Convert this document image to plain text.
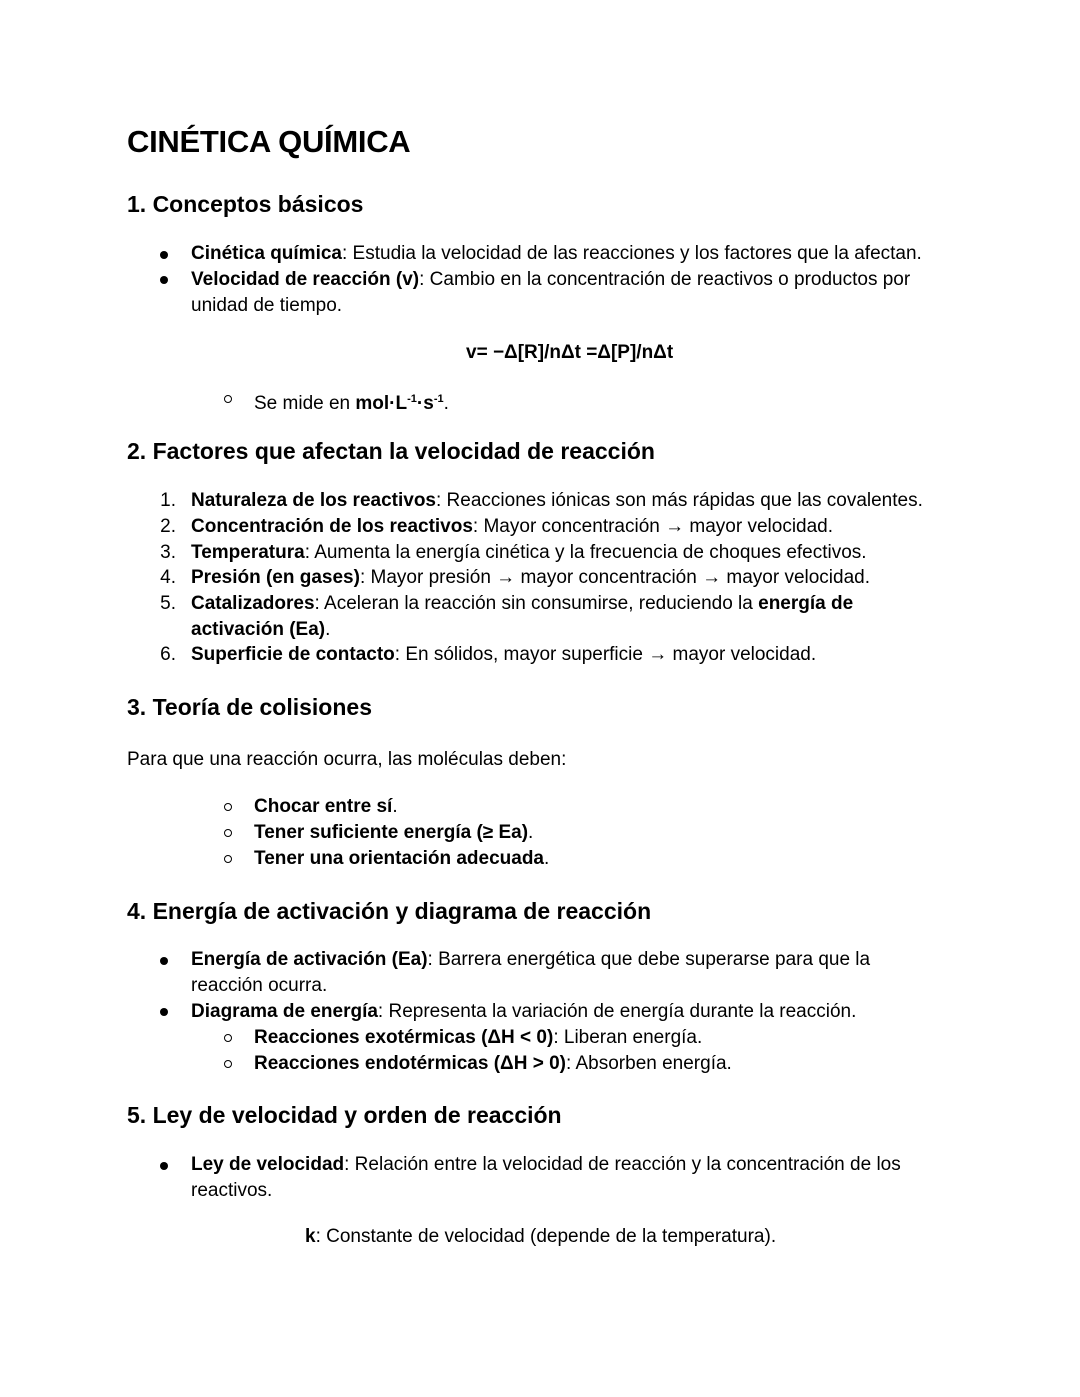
CINÉTICA QUÍMICA
1. Conceptos básicos
Cinética química: Estudia la velocidad de las reacciones y los factores que la afectan.
Velocidad de reacción (v): Cambio en la concentración de reactivos o productos por
unidad de tiempo.
v= −Δ[R]/nΔt =Δ[P]/nΔt
Se mide en $mol\cdot L^{-1}\cdot s^{-1}$.
2. Factores que afectan la velocidad de reacción
1. Naturaleza de los reactivos: Reacciones iónicas son más rápidas que las covalentes.
2. Concentración de los reactivos: Mayor concentración → mayor velocidad.
3. Temperatura: Aumenta la energía cinética y la frecuencia de choques efectivos.
4. Presión (en gases): Mayor presión → mayor concentración → mayor velocidad.
5. Catalizadores: Aceleran la reacción sin consumirse, reduciendo la energía de
activación (Ea).
6. Superficie de contacto: En sólidos, mayor superficie → mayor velocidad.
3. Teoría de colisiones
Para que una reacción ocurra, las moléculas deben:
Chocar entre sí.
Tener suficiente energía (≥ Ea).
Tener una orientación adecuada.
4. Energía de activación y diagrama de reacción
Energía de activación (Ea): Barrera energética que debe superarse para que la
reacción ocurra.
Diagrama de energía: Representa la variación de energía durante la reacción.
Reacciones exotérmicas (ΔH < 0): Liberan energía.
Reacciones endotérmicas (ΔH > 0): Absorben energía.
5. Ley de velocidad y orden de reacción
Ley de velocidad: Relación entre la velocidad de reacción y la concentración de los
reactivos.
k: Constante de velocidad (depende de la temperatura).
